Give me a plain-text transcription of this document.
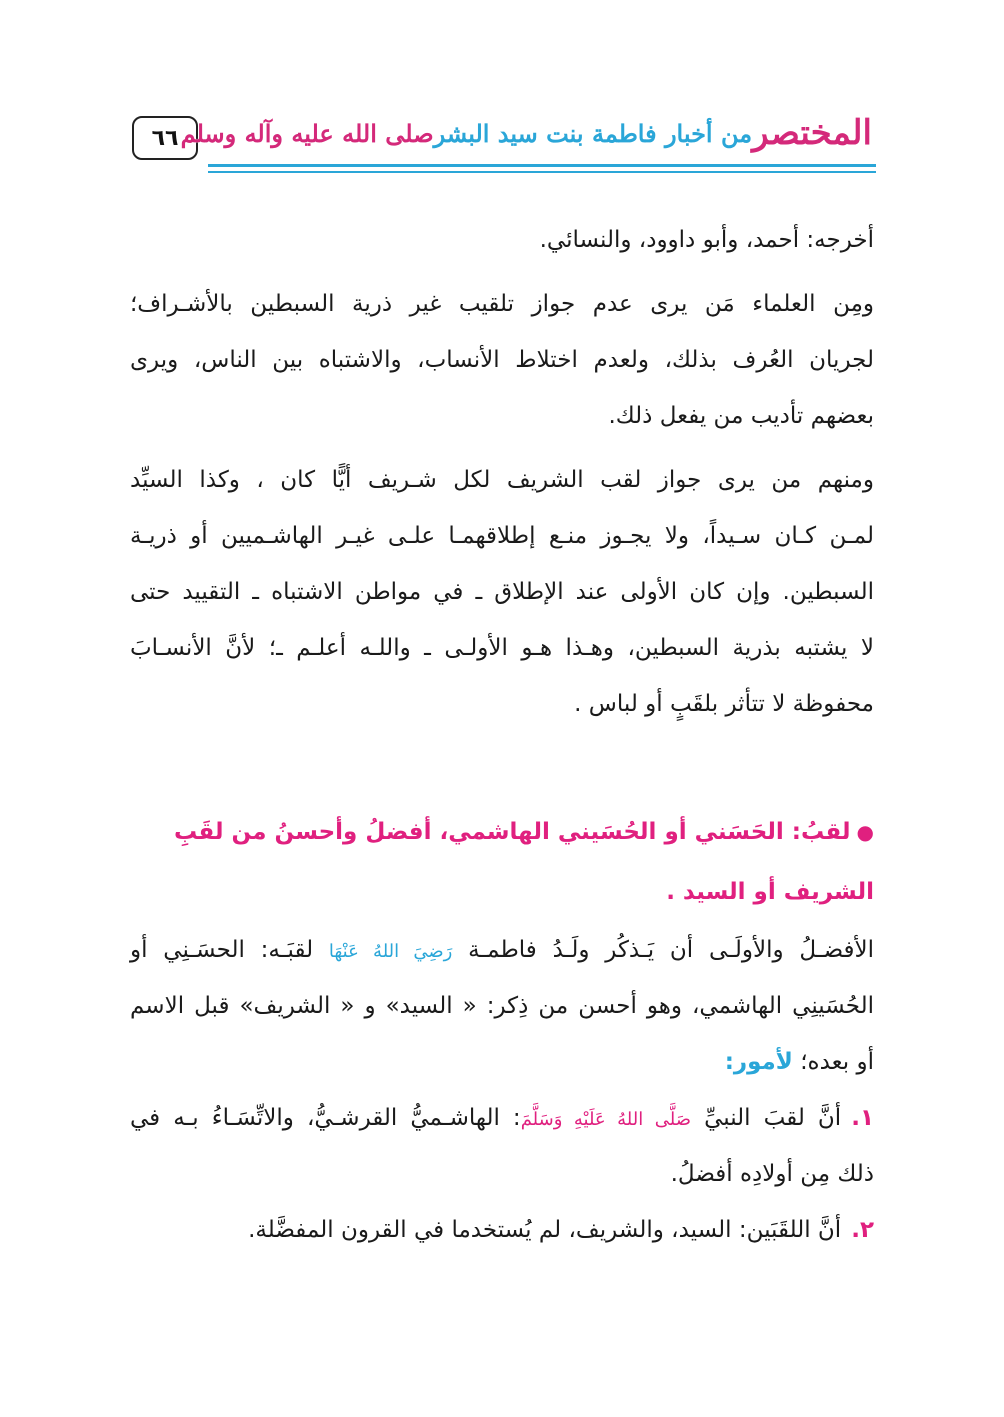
٦٦	المختصر
من أخبار فاطمة بنت سيد البشر
صلى الله عليه وآله وسلم
أخرجه: أحمد، وأبو داوود، والنسائي.
ومِن العلماء مَن يرى عدم جواز تلقيب غير ذرية السبطين بالأشـراف؛
لجريان العُرف بذلك، ولعدم اختلاط الأنساب، والاشتباه بين الناس، ويرى
بعضهم تأديب من يفعل ذلك.
ومنهم من يرى جواز لقب الشريف لكل شـريف أيًّا كان ، وكذا السيِّد
لمـن كـان سـيداً، ولا يجـوز منـع إطلاقهمـا علـى غيـر الهاشـميين أو ذريـة
السبطين. وإن كان الأولى عند الإطلاق ـ في مواطن الاشتباه ـ التقييد حتى
لا يشتبه بذرية السبطين، وهـذا هـو الأولـى ـ واللـه أعلـم ـ؛ لأنَّ الأنسـابَ
محفوظة لا تتأثر بلقَبٍ أو لباس .
●لقبُ: الحَسَني أو الحُسَيني الهاشمي، أفضلُ وأحسنُ من لقَبِ
الشريف أو السيد .
الأفضـلُ والأولَـى أن يَـذكُر ولَـدُ فاطمـة رَضِيَ اللهُ عَنْهَا لقبَـه: الحسَـنِي أو
الحُسَينِي الهاشمي، وهو أحسن من ذِكر: « السيد» و « الشريف» قبل الاسم
أو بعده؛ لأمور:
١.أنَّ لقبَ النبيِّ صَلَّى اللهُ عَلَيْهِ وَسَلَّمَ: الهاشـميُّ القرشـيُّ، والاتِّسَـاءُ بـه في
ذلك مِن أولادِه أفضلُ.
٢.أنَّ اللقَبَين: السيد، والشريف، لم يُستخدما في القرون المفضَّلة.
